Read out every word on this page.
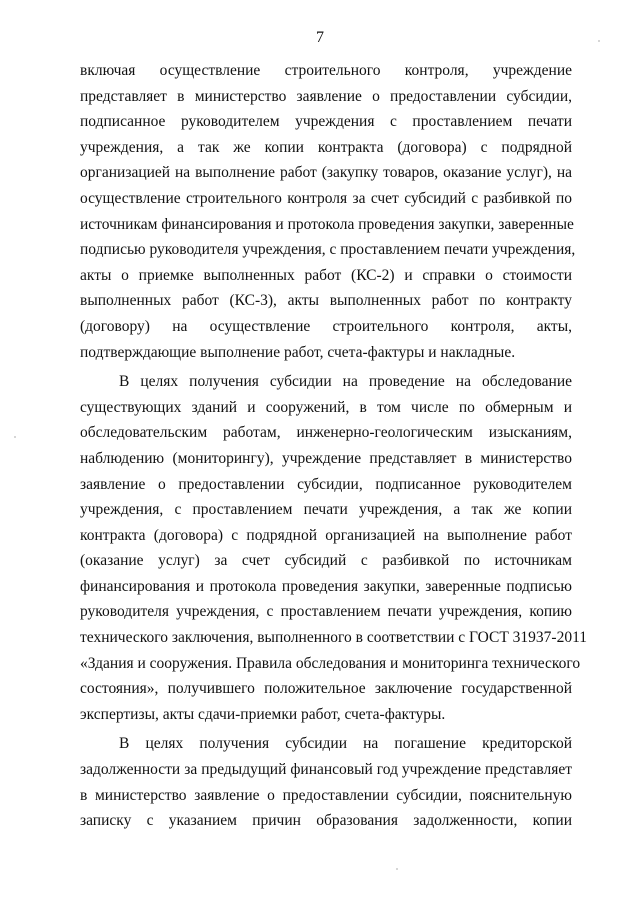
7
включая осуществление строительного контроля, учреждение
представляет в министерство заявление о предоставлении субсидии,
подписанное руководителем учреждения с проставлением печати
учреждения, а так же копии контракта (договора) с подрядной
организацией на выполнение работ (закупку товаров, оказание услуг), на
осуществление строительного контроля за счет субсидий с разбивкой по
источникам финансирования и протокола проведения закупки, заверенные
подписью руководителя учреждения, с проставлением печати учреждения,
акты о приемке выполненных работ (КС-2) и справки о стоимости
выполненных работ (КС-3), акты выполненных работ по контракту
(договору) на осуществление строительного контроля, акты,
подтверждающие выполнение работ, счета-фактуры и накладные.
В целях получения субсидии на проведение на обследование
существующих зданий и сооружений, в том числе по обмерным и
обследовательским работам, инженерно-геологическим изысканиям,
наблюдению (мониторингу), учреждение представляет в министерство
заявление о предоставлении субсидии, подписанное руководителем
учреждения, с проставлением печати учреждения, а так же копии
контракта (договора) с подрядной организацией на выполнение работ
(оказание услуг) за счет субсидий с разбивкой по источникам
финансирования и протокола проведения закупки, заверенные подписью
руководителя учреждения, с проставлением печати учреждения, копию
технического заключения, выполненного в соответствии с ГОСТ 31937-2011
«Здания и сооружения. Правила обследования и мониторинга технического
состояния», получившего положительное заключение государственной
экспертизы, акты сдачи-приемки работ, счета-фактуры.
В целях получения субсидии на погашение кредиторской
задолженности за предыдущий финансовый год учреждение представляет
в министерство заявление о предоставлении субсидии, пояснительную
записку с указанием причин образования задолженности, копии
